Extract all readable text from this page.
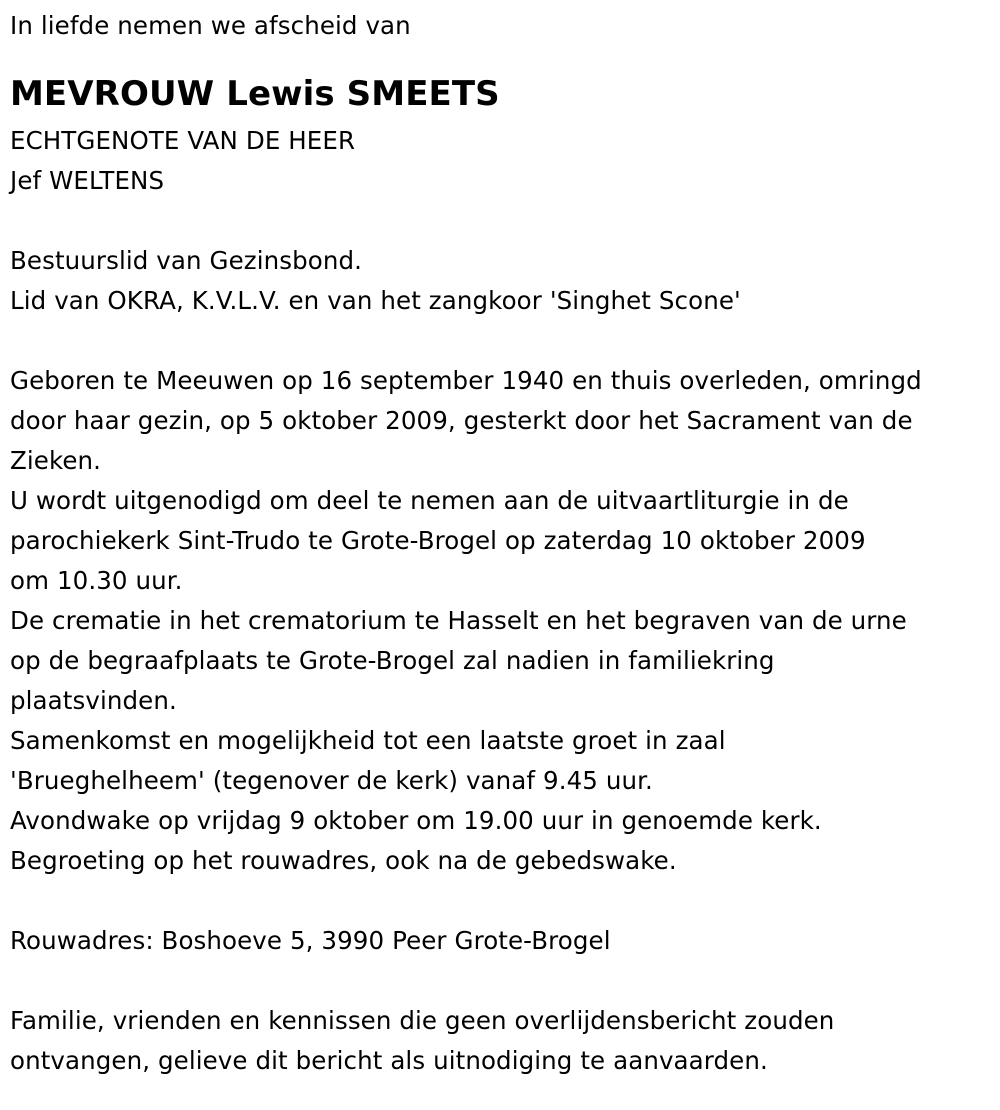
In liefde nemen we afscheid van
MEVROUW Lewis SMEETS
ECHTGENOTE VAN DE HEER
Jef WELTENS
Bestuurslid van Gezinsbond.
Lid van OKRA, K.V.L.V. en van het zangkoor 'Singhet Scone'
Geboren te Meeuwen op 16 september 1940 en thuis overleden, omringd
door haar gezin, op 5 oktober 2009, gesterkt door het Sacrament van de
Zieken.
U wordt uitgenodigd om deel te nemen aan de uitvaartliturgie in de
parochiekerk Sint-Trudo te Grote-Brogel op zaterdag 10 oktober 2009
om 10.30 uur.
De crematie in het crematorium te Hasselt en het begraven van de urne
op de begraafplaats te Grote-Brogel zal nadien in familiekring
plaatsvinden.
Samenkomst en mogelijkheid tot een laatste groet in zaal
'Brueghelheem' (tegenover de kerk) vanaf 9.45 uur.
Avondwake op vrijdag 9 oktober om 19.00 uur in genoemde kerk.
Begroeting op het rouwadres, ook na de gebedswake.
Rouwadres: Boshoeve 5, 3990 Peer Grote-Brogel
Familie, vrienden en kennissen die geen overlijdensbericht zouden
ontvangen, gelieve dit bericht als uitnodiging te aanvaarden.
